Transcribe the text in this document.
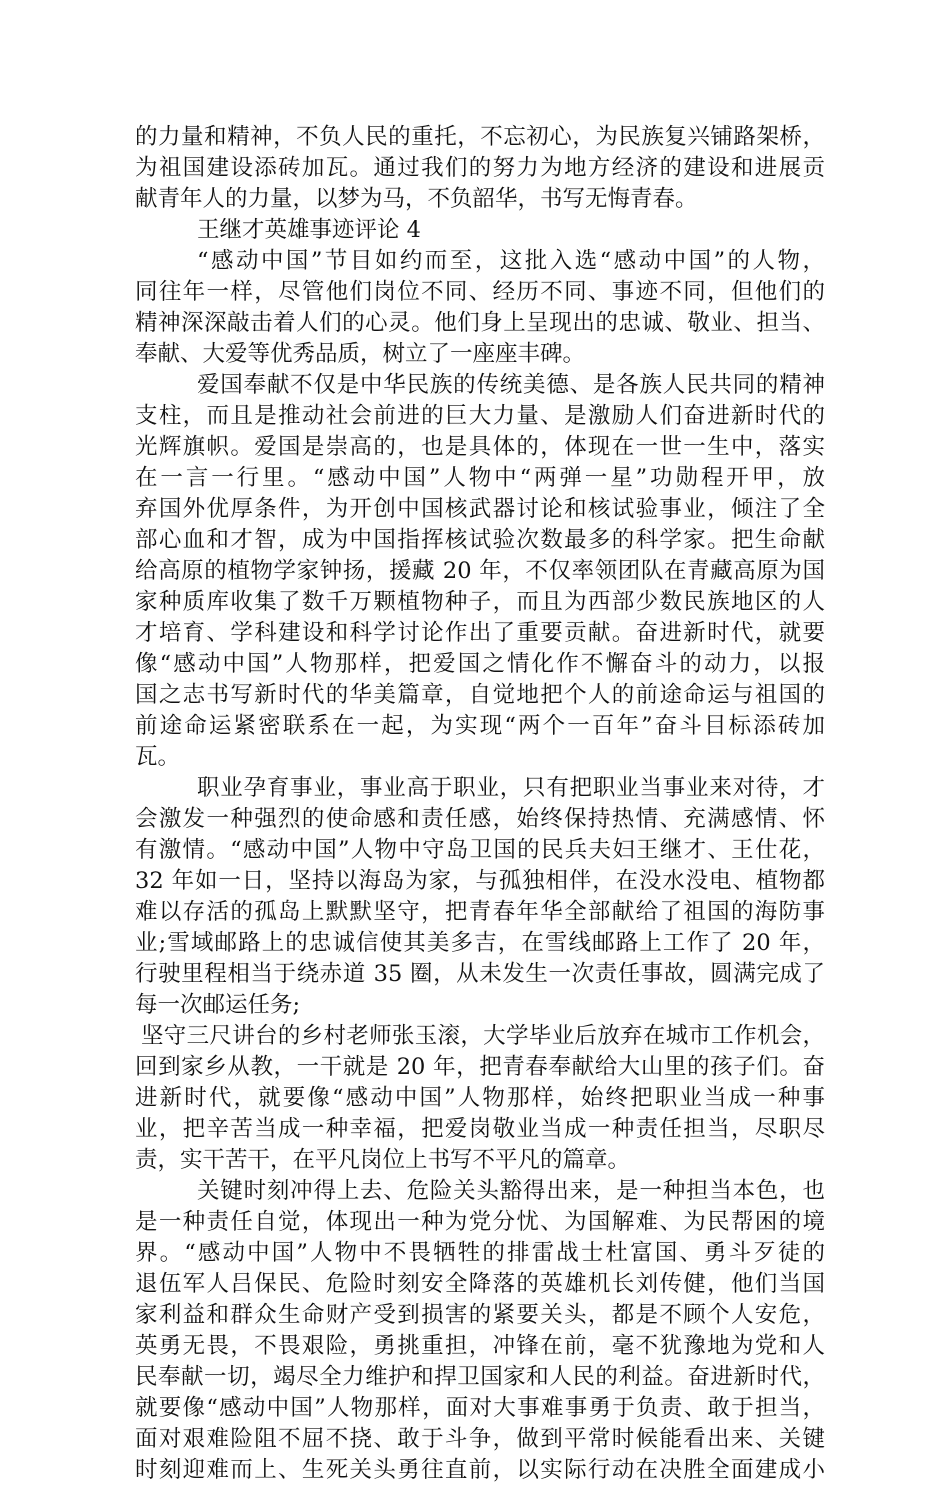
的力量和精神，不负人民的重托，不忘初心，为民族复兴铺路架桥，
为祖国建设添砖加瓦。通过我们的努力为地方经济的建设和进展贡
献青年人的力量，以梦为马，不负韶华，书写无悔青春。
王继才英雄事迹评论 4
“感动中国”节目如约而至，这批入选“感动中国”的人物，
同往年一样，尽管他们岗位不同、经历不同、事迹不同，但他们的
精神深深敲击着人们的心灵。他们身上呈现出的忠诚、敬业、担当、
奉献、大爱等优秀品质，树立了一座座丰碑。
爱国奉献不仅是中华民族的传统美德、是各族人民共同的精神
支柱，而且是推动社会前进的巨大力量、是激励人们奋进新时代的
光辉旗帜。爱国是崇高的，也是具体的，体现在一世一生中，落实
在一言一行里。“感动中国”人物中“两弹一星”功勋程开甲，放
弃国外优厚条件，为开创中国核武器讨论和核试验事业，倾注了全
部心血和才智，成为中国指挥核试验次数最多的科学家。把生命献
给高原的植物学家钟扬，援藏 20 年，不仅率领团队在青藏高原为国
家种质库收集了数千万颗植物种子，而且为西部少数民族地区的人
才培育、学科建设和科学讨论作出了重要贡献。奋进新时代，就要
像“感动中国”人物那样，把爱国之情化作不懈奋斗的动力，以报
国之志书写新时代的华美篇章，自觉地把个人的前途命运与祖国的
前途命运紧密联系在一起，为实现“两个一百年”奋斗目标添砖加
瓦。
职业孕育事业，事业高于职业，只有把职业当事业来对待，才
会激发一种强烈的使命感和责任感，始终保持热情、充满感情、怀
有激情。“感动中国”人物中守岛卫国的民兵夫妇王继才、王仕花，
32 年如一日，坚持以海岛为家，与孤独相伴，在没水没电、植物都
难以存活的孤岛上默默坚守，把青春年华全部献给了祖国的海防事
业;雪域邮路上的忠诚信使其美多吉，在雪线邮路上工作了 20 年，
行驶里程相当于绕赤道 35 圈，从未发生一次责任事故，圆满完成了
每一次邮运任务;
坚守三尺讲台的乡村老师张玉滚，大学毕业后放弃在城市工作机会，
回到家乡从教，一干就是 20 年，把青春奉献给大山里的孩子们。奋
进新时代，就要像“感动中国”人物那样，始终把职业当成一种事
业，把辛苦当成一种幸福，把爱岗敬业当成一种责任担当，尽职尽
责，实干苦干，在平凡岗位上书写不平凡的篇章。
关键时刻冲得上去、危险关头豁得出来，是一种担当本色，也
是一种责任自觉，体现出一种为党分忧、为国解难、为民帮困的境
界。“感动中国”人物中不畏牺牲的排雷战士杜富国、勇斗歹徒的
退伍军人吕保民、危险时刻安全降落的英雄机长刘传健，他们当国
家利益和群众生命财产受到损害的紧要关头，都是不顾个人安危，
英勇无畏，不畏艰险，勇挑重担，冲锋在前，毫不犹豫地为党和人
民奉献一切，竭尽全力维护和捍卫国家和人民的利益。奋进新时代，
就要像“感动中国”人物那样，面对大事难事勇于负责、敢于担当，
面对艰难险阻不屈不挠、敢于斗争，做到平常时候能看出来、关键
时刻迎难而上、生死关头勇往直前，以实际行动在决胜全面建成小
